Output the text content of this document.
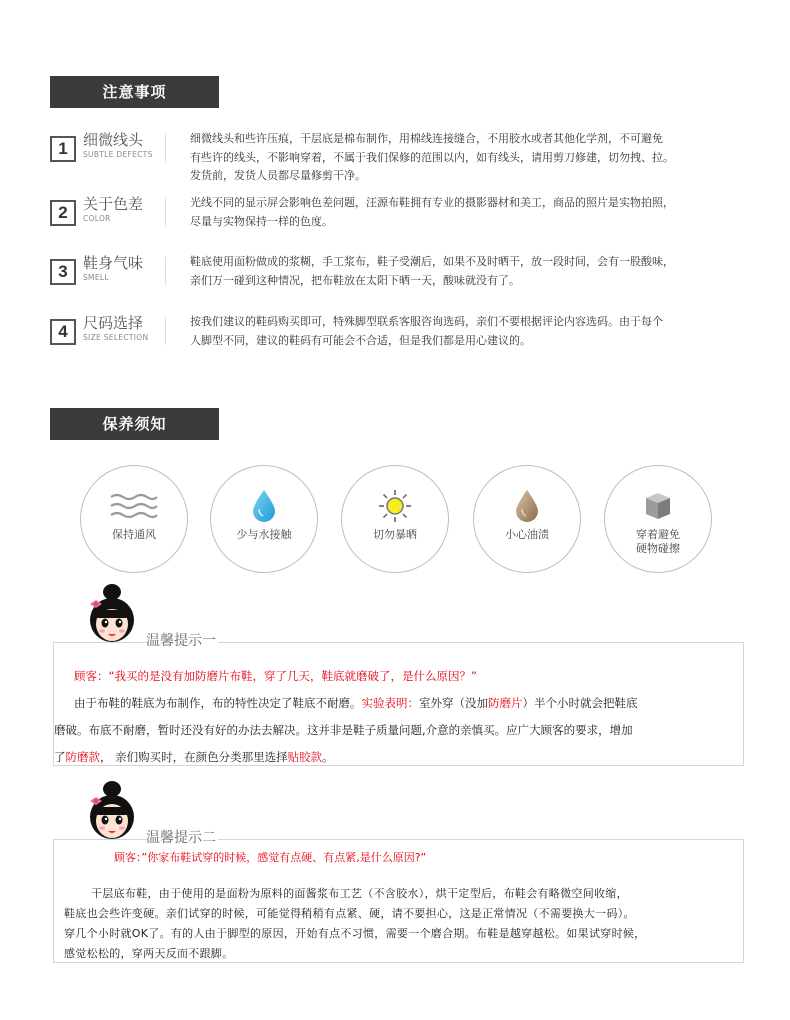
注意事项
1	细微线头
SUBTLE DEFECTS
细微线头和些许压痕，干层底是棉布制作，用棉线连接缝合，不用胶水或者其他化学剂，不可避免
有些许的线头，不影响穿着，不属于我们保修的范围以内，如有线头，请用剪刀修建，切勿拽、拉。
发货前，发货人员都尽量修剪干净。
2	关于色差
COLOR
光线不同的显示屏会影响色差问题，汪源布鞋拥有专业的摄影器材和美工，商品的照片是实物拍照，
尽量与实物保持一样的色度。
3	鞋身气味
SMELL
鞋底使用面粉做成的浆糊，手工浆布，鞋子受潮后，如果不及时晒干，放一段时间，会有一股酸味，
亲们万一碰到这种情况，把布鞋放在太阳下晒一天，酸味就没有了。
4	尺码选择
SIZE SELECTION
按我们建议的鞋码购买即可，特殊脚型联系客服咨询选码，亲们不要根据评论内容选码。由于每个
人脚型不同，建议的鞋码有可能会不合适，但是我们都是用心建议的。
保养须知
保持通风	少与水接触	切勿暴晒	小心油渍	穿着避免
硬物碰擦
顾客：“我买的是没有加防磨片布鞋，穿了几天，鞋底就磨破了，是什么原因？”
由于布鞋的鞋底为布制作，布的特性决定了鞋底不耐磨。实验表明：室外穿（没加防磨片）半个小时就会把鞋底
磨破。布底不耐磨，暂时还没有好的办法去解决。这并非是鞋子质量问题,介意的亲慎买。应广大顾客的要求，增加
了防磨款， 亲们购买时，在颜色分类那里选择贴胶款。
温馨提示一
顾客：”你家布鞋试穿的时候，感觉有点硬、有点紧,是什么原因?”
干层底布鞋，由于使用的是面粉为原料的面酱浆布工艺（不含胶水），烘干定型后，布鞋会有略微空间收缩，
鞋底也会些许变硬。亲们试穿的时候，可能觉得稍稍有点紧、硬，请不要担心，这是正常情况（不需要换大一码）。
穿几个小时就OK了。有的人由于脚型的原因，开始有点不习惯，需要一个磨合期。布鞋是越穿越松。如果试穿时候，
感觉松松的，穿两天反而不跟脚。
温馨提示二
